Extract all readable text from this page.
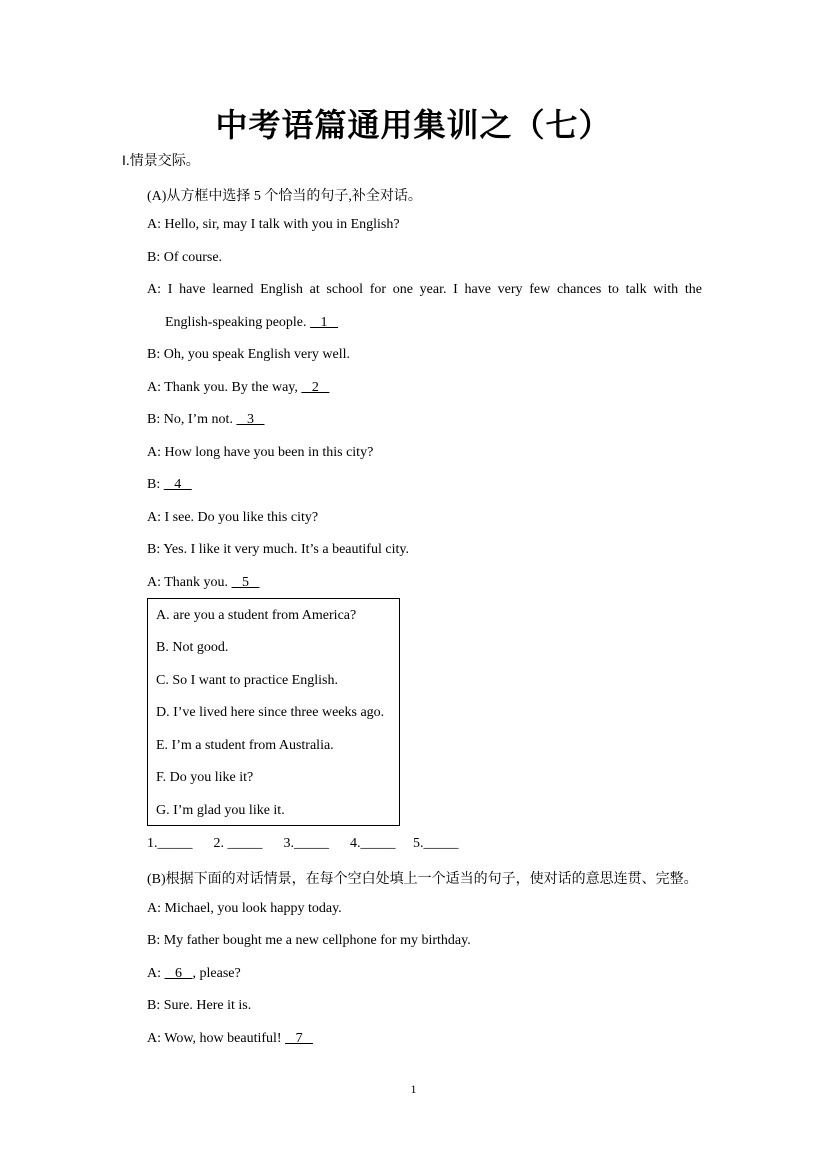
中考语篇通用集训之（七）
I.情景交际。
(A)从方框中选择 5 个恰当的句子,补全对话。
A: Hello, sir, may I talk with you in English?
B: Of course.
A: I have learned English at school for one year. I have very few chances to talk with the
English-speaking people.    1
B: Oh, you speak English very well.
A: Thank you. By the way,    2
B: No, I’m not.    3
A: How long have you been in this city?
B:    4
A: I see. Do you like this city?
B: Yes. I like it very much. It’s a beautiful city.
A: Thank you.    5
A. are you a student from America?
B. Not good.
C. So I want to practice English.
D. I’ve lived here since three weeks ago.
E. I’m a student from Australia.
F. Do you like it?
G. I’m glad you like it.
1._____      2. _____      3._____      4._____     5._____
(B)根据下面的对话情景，在每个空白处填上一个适当的句子，使对话的意思连贯、完整。
A: Michael, you look happy today.
B: My father bought me a new cellphone for my birthday.
A:    6   , please?
B: Sure. Here it is.
A: Wow, how beautiful!    7
1
